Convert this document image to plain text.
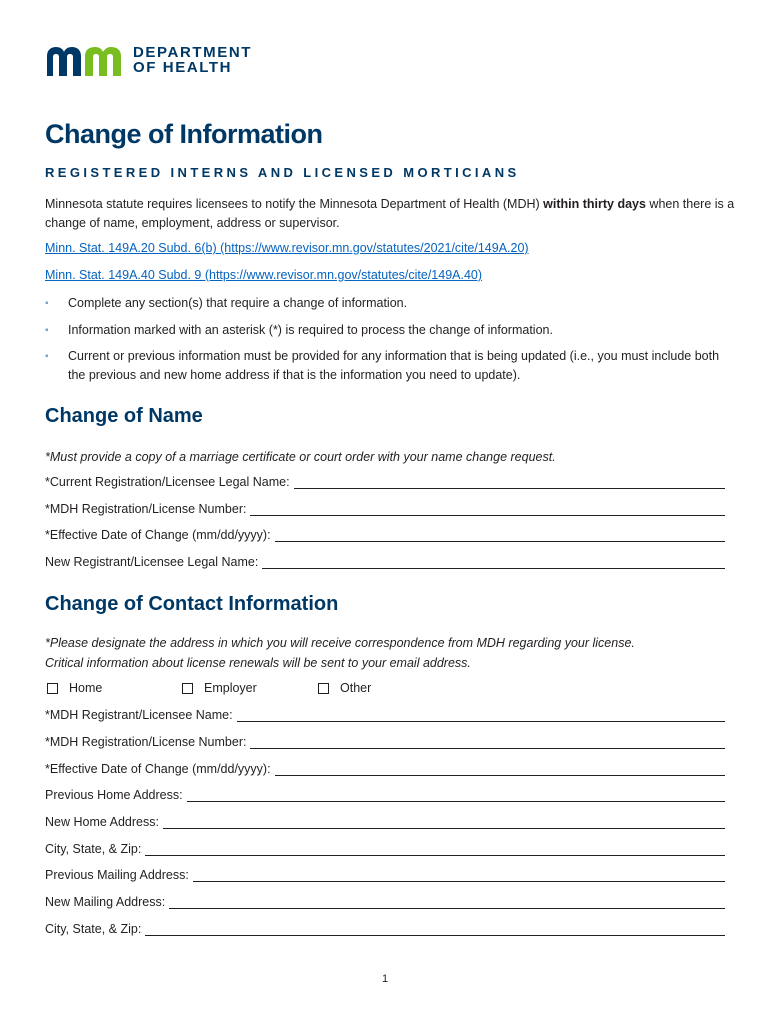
DEPARTMENT
OF HEALTH
Change of Information
REGISTERED INTERNS AND LICENSED MORTICIANS
Minnesota statute requires licensees to notify the Minnesota Department of Health (MDH) within thirty days when there is a change of name, employment, address or supervisor.
Minn. Stat. 149A.20 Subd. 6(b) (https://www.revisor.mn.gov/statutes/2021/cite/149A.20)
Minn. Stat. 149A.40 Subd. 9 (https://www.revisor.mn.gov/statutes/cite/149A.40)
▪ Complete any section(s) that require a change of information.
▪ Information marked with an asterisk (*) is required to process the change of information.
▪ Current or previous information must be provided for any information that is being updated (i.e., you must include both the previous and new home address if that is the information you need to update).
Change of Name
*Must provide a copy of a marriage certificate or court order with your name change request.
*Current Registration/Licensee Legal Name:
*MDH Registration/License Number:
*Effective Date of Change (mm/dd/yyyy):
New Registrant/Licensee Legal Name:
Change of Contact Information
*Please designate the address in which you will receive correspondence from MDH regarding your license.
Critical information about license renewals will be sent to your email address.
Home	Employer	Other
*MDH Registrant/Licensee Name:
*MDH Registration/License Number:
*Effective Date of Change (mm/dd/yyyy):
Previous Home Address:
New Home Address:
City, State, & Zip:
Previous Mailing Address:
New Mailing Address:
City, State, & Zip:
1
